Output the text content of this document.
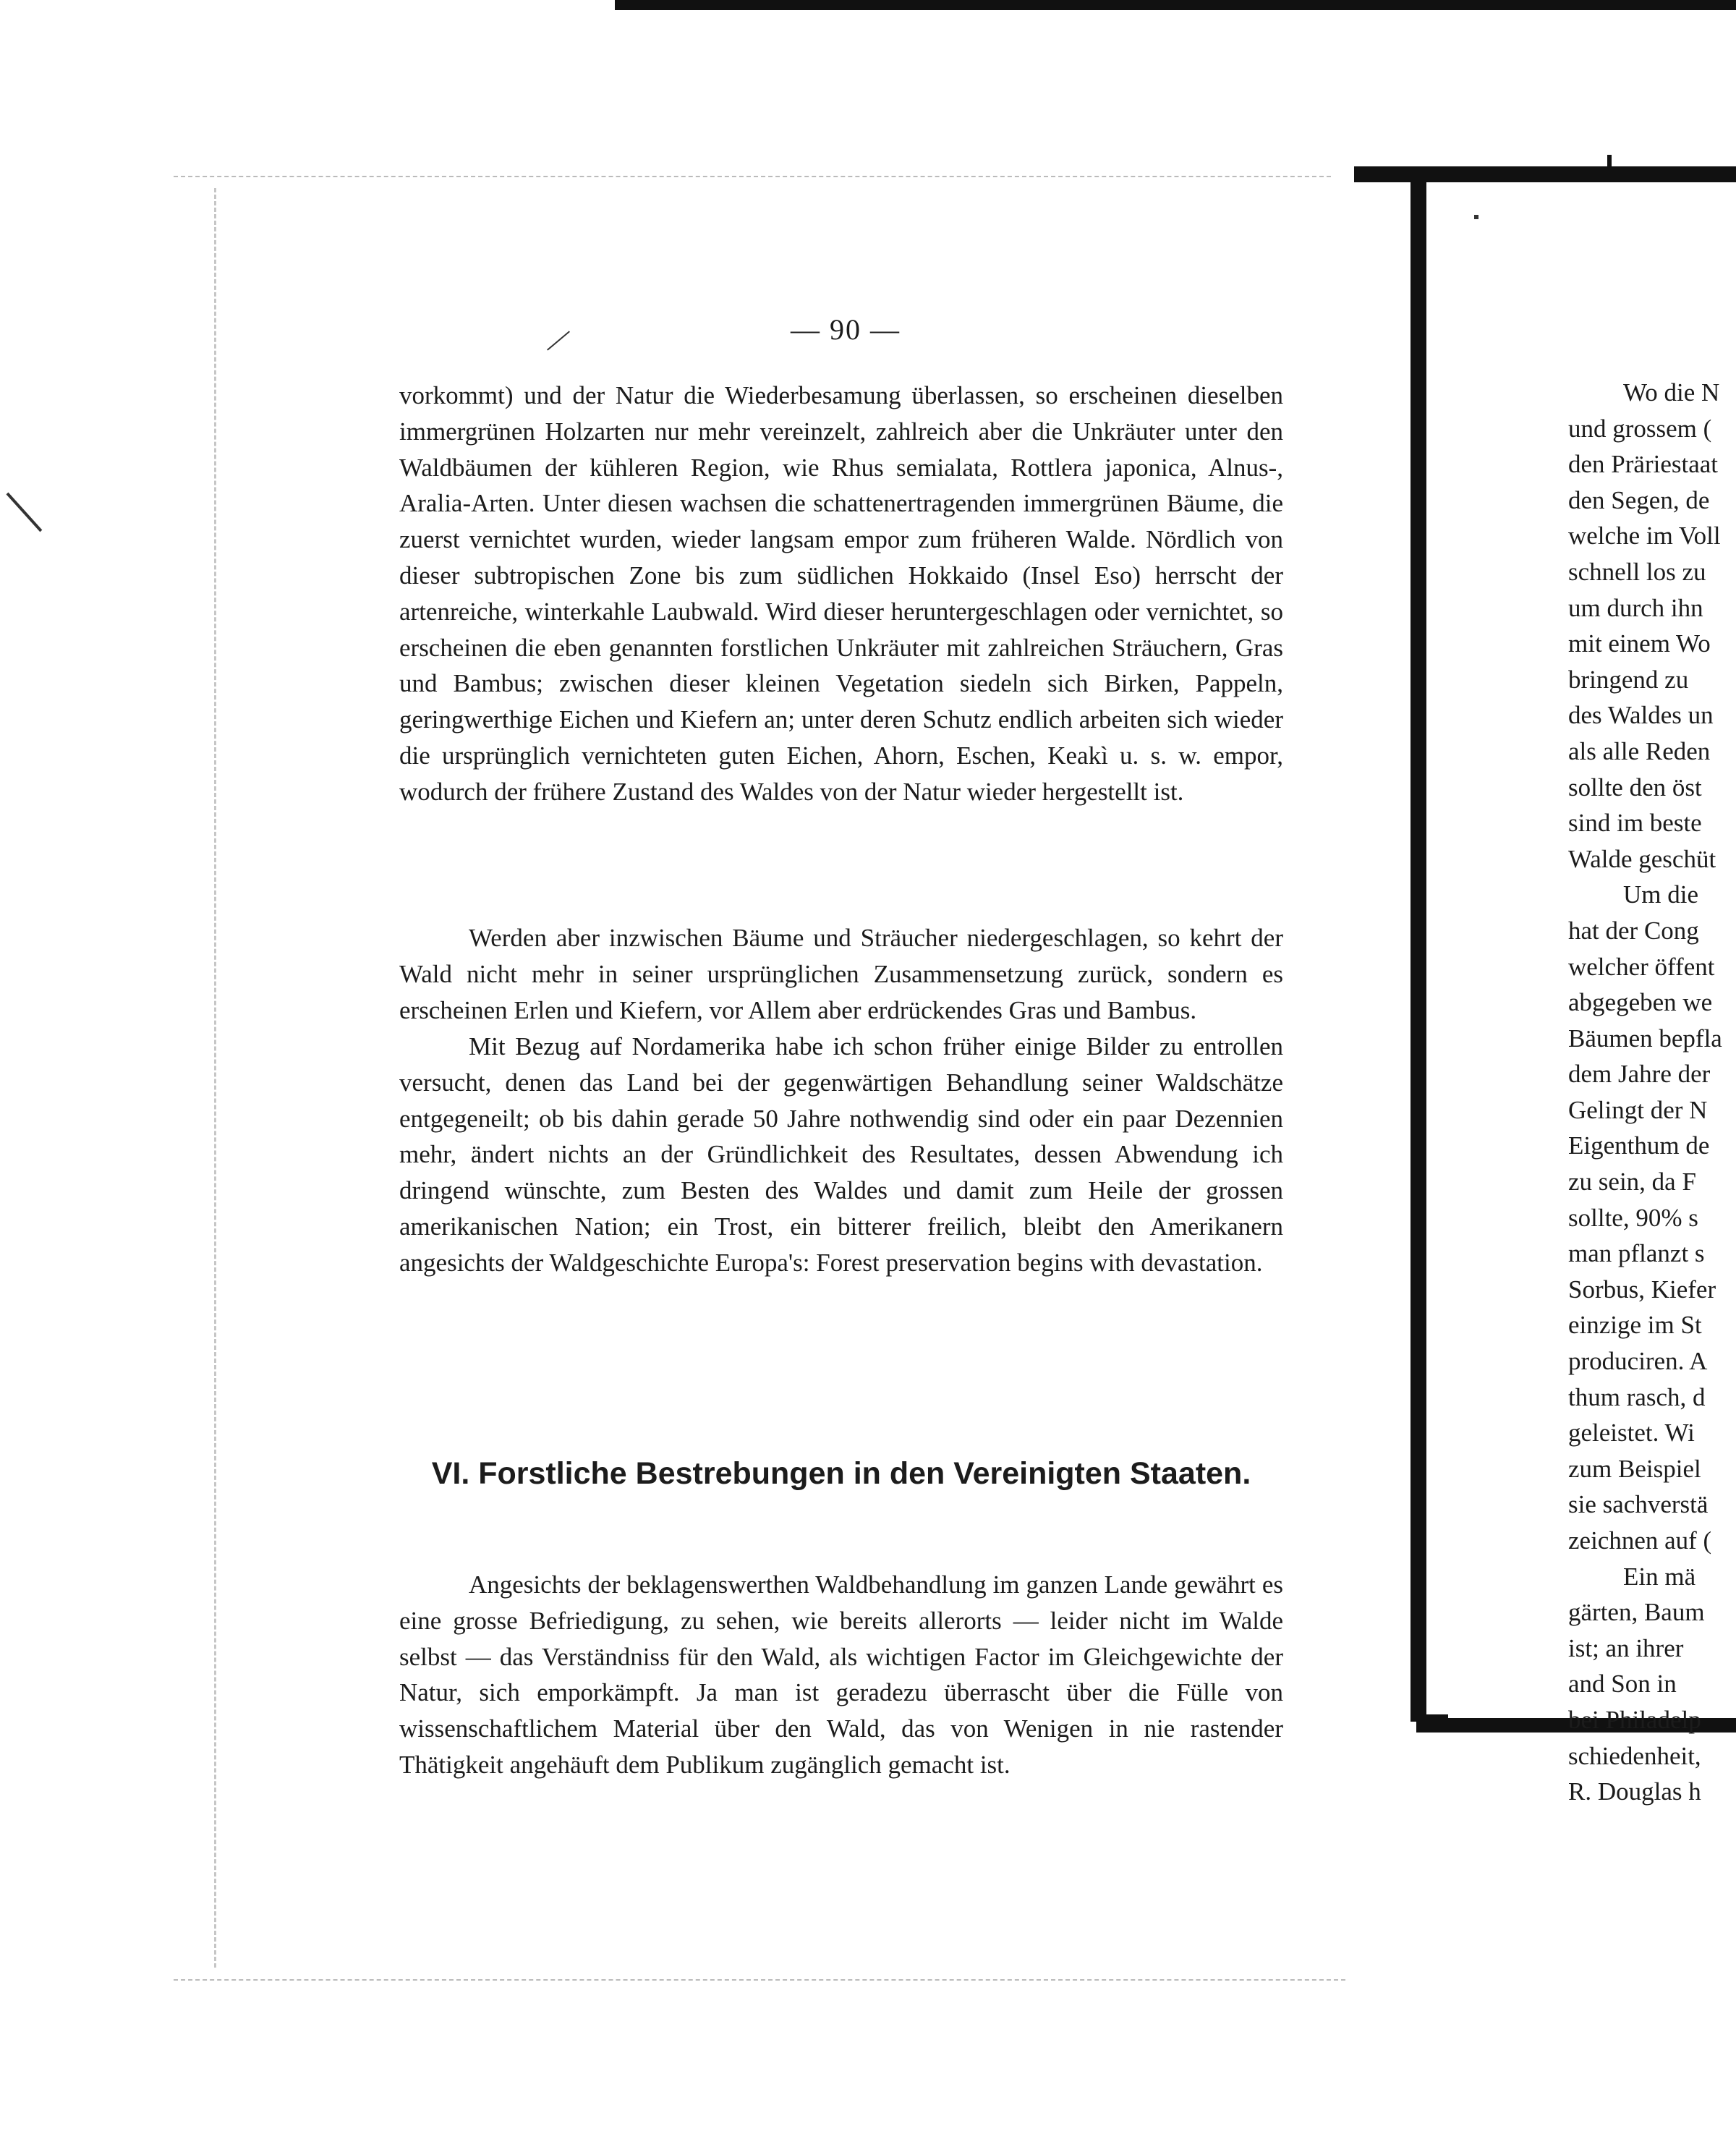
— 90 —

vorkommt) und der Natur die Wiederbesamung überlassen, so erscheinen dieselben immergrünen Holzarten nur mehr vereinzelt, zahlreich aber die Unkräuter unter den Waldbäumen der kühleren Region, wie Rhus semialata, Rottlera japonica, Alnus-, Aralia-Arten. Unter diesen wachsen die schattenertragenden immergrünen Bäume, die zuerst vernichtet wurden, wieder langsam empor zum früheren Walde. Nördlich von dieser subtropischen Zone bis zum südlichen Hokkaido (Insel Eso) herrscht der artenreiche, winterkahle Laubwald. Wird dieser heruntergeschlagen oder vernichtet, so erscheinen die eben genannten forstlichen Unkräuter mit zahlreichen Sträuchern, Gras und Bambus; zwischen dieser kleinen Vegetation siedeln sich Birken, Pappeln, geringwerthige Eichen und Kiefern an; unter deren Schutz endlich arbeiten sich wieder die ursprünglich vernichteten guten Eichen, Ahorn, Eschen, Keakì u. s. w. empor, wodurch der frühere Zustand des Waldes von der Natur wieder hergestellt ist.

Werden aber inzwischen Bäume und Sträucher niedergeschlagen, so kehrt der Wald nicht mehr in seiner ursprünglichen Zusammensetzung zurück, sondern es erscheinen Erlen und Kiefern, vor Allem aber erdrückendes Gras und Bambus.

Mit Bezug auf Nordamerika habe ich schon früher einige Bilder zu entrollen versucht, denen das Land bei der gegenwärtigen Behandlung seiner Waldschätze entgegeneilt; ob bis dahin gerade 50 Jahre nothwendig sind oder ein paar Dezennien mehr, ändert nichts an der Gründlichkeit des Resultates, dessen Abwendung ich dringend wünschte, zum Besten des Waldes und damit zum Heile der grossen amerikanischen Nation; ein Trost, ein bitterer freilich, bleibt den Amerikanern angesichts der Waldgeschichte Europa's: Forest preservation begins with devastation.

VI. Forstliche Bestrebungen in den Vereinigten Staaten.

Angesichts der beklagenswerthen Waldbehandlung im ganzen Lande gewährt es eine grosse Befriedigung, zu sehen, wie bereits allerorts — leider nicht im Walde selbst — das Verständniss für den Wald, als wichtigen Factor im Gleichgewichte der Natur, sich emporkämpft. Ja man ist geradezu überrascht über die Fülle von wissenschaftlichem Material über den Wald, das von Wenigen in nie rastender Thätigkeit angehäuft dem Publikum zugänglich gemacht ist.

Wo die N
und grossem (
den Präriestaat
den Segen, de
welche im Voll
schnell los zu
um durch ihn
mit einem Wo
bringend zu
des Waldes un
als alle Reden
sollte den öst
sind im beste
Walde geschüt
Um die
hat der Cong
welcher öffent
abgegeben we
Bäumen bepfla
dem Jahre der
Gelingt der N
Eigenthum de
zu sein, da F
sollte, 90% s
man pflanzt s
Sorbus, Kiefer
einzige im St
produciren. A
thum rasch, d
geleistet. Wi
zum Beispiel
sie sachverstä
zeichnen auf (
Ein mä
gärten, Baum
ist; an ihrer
and Son in
bei Philadelp
schiedenheit,
R. Douglas h
